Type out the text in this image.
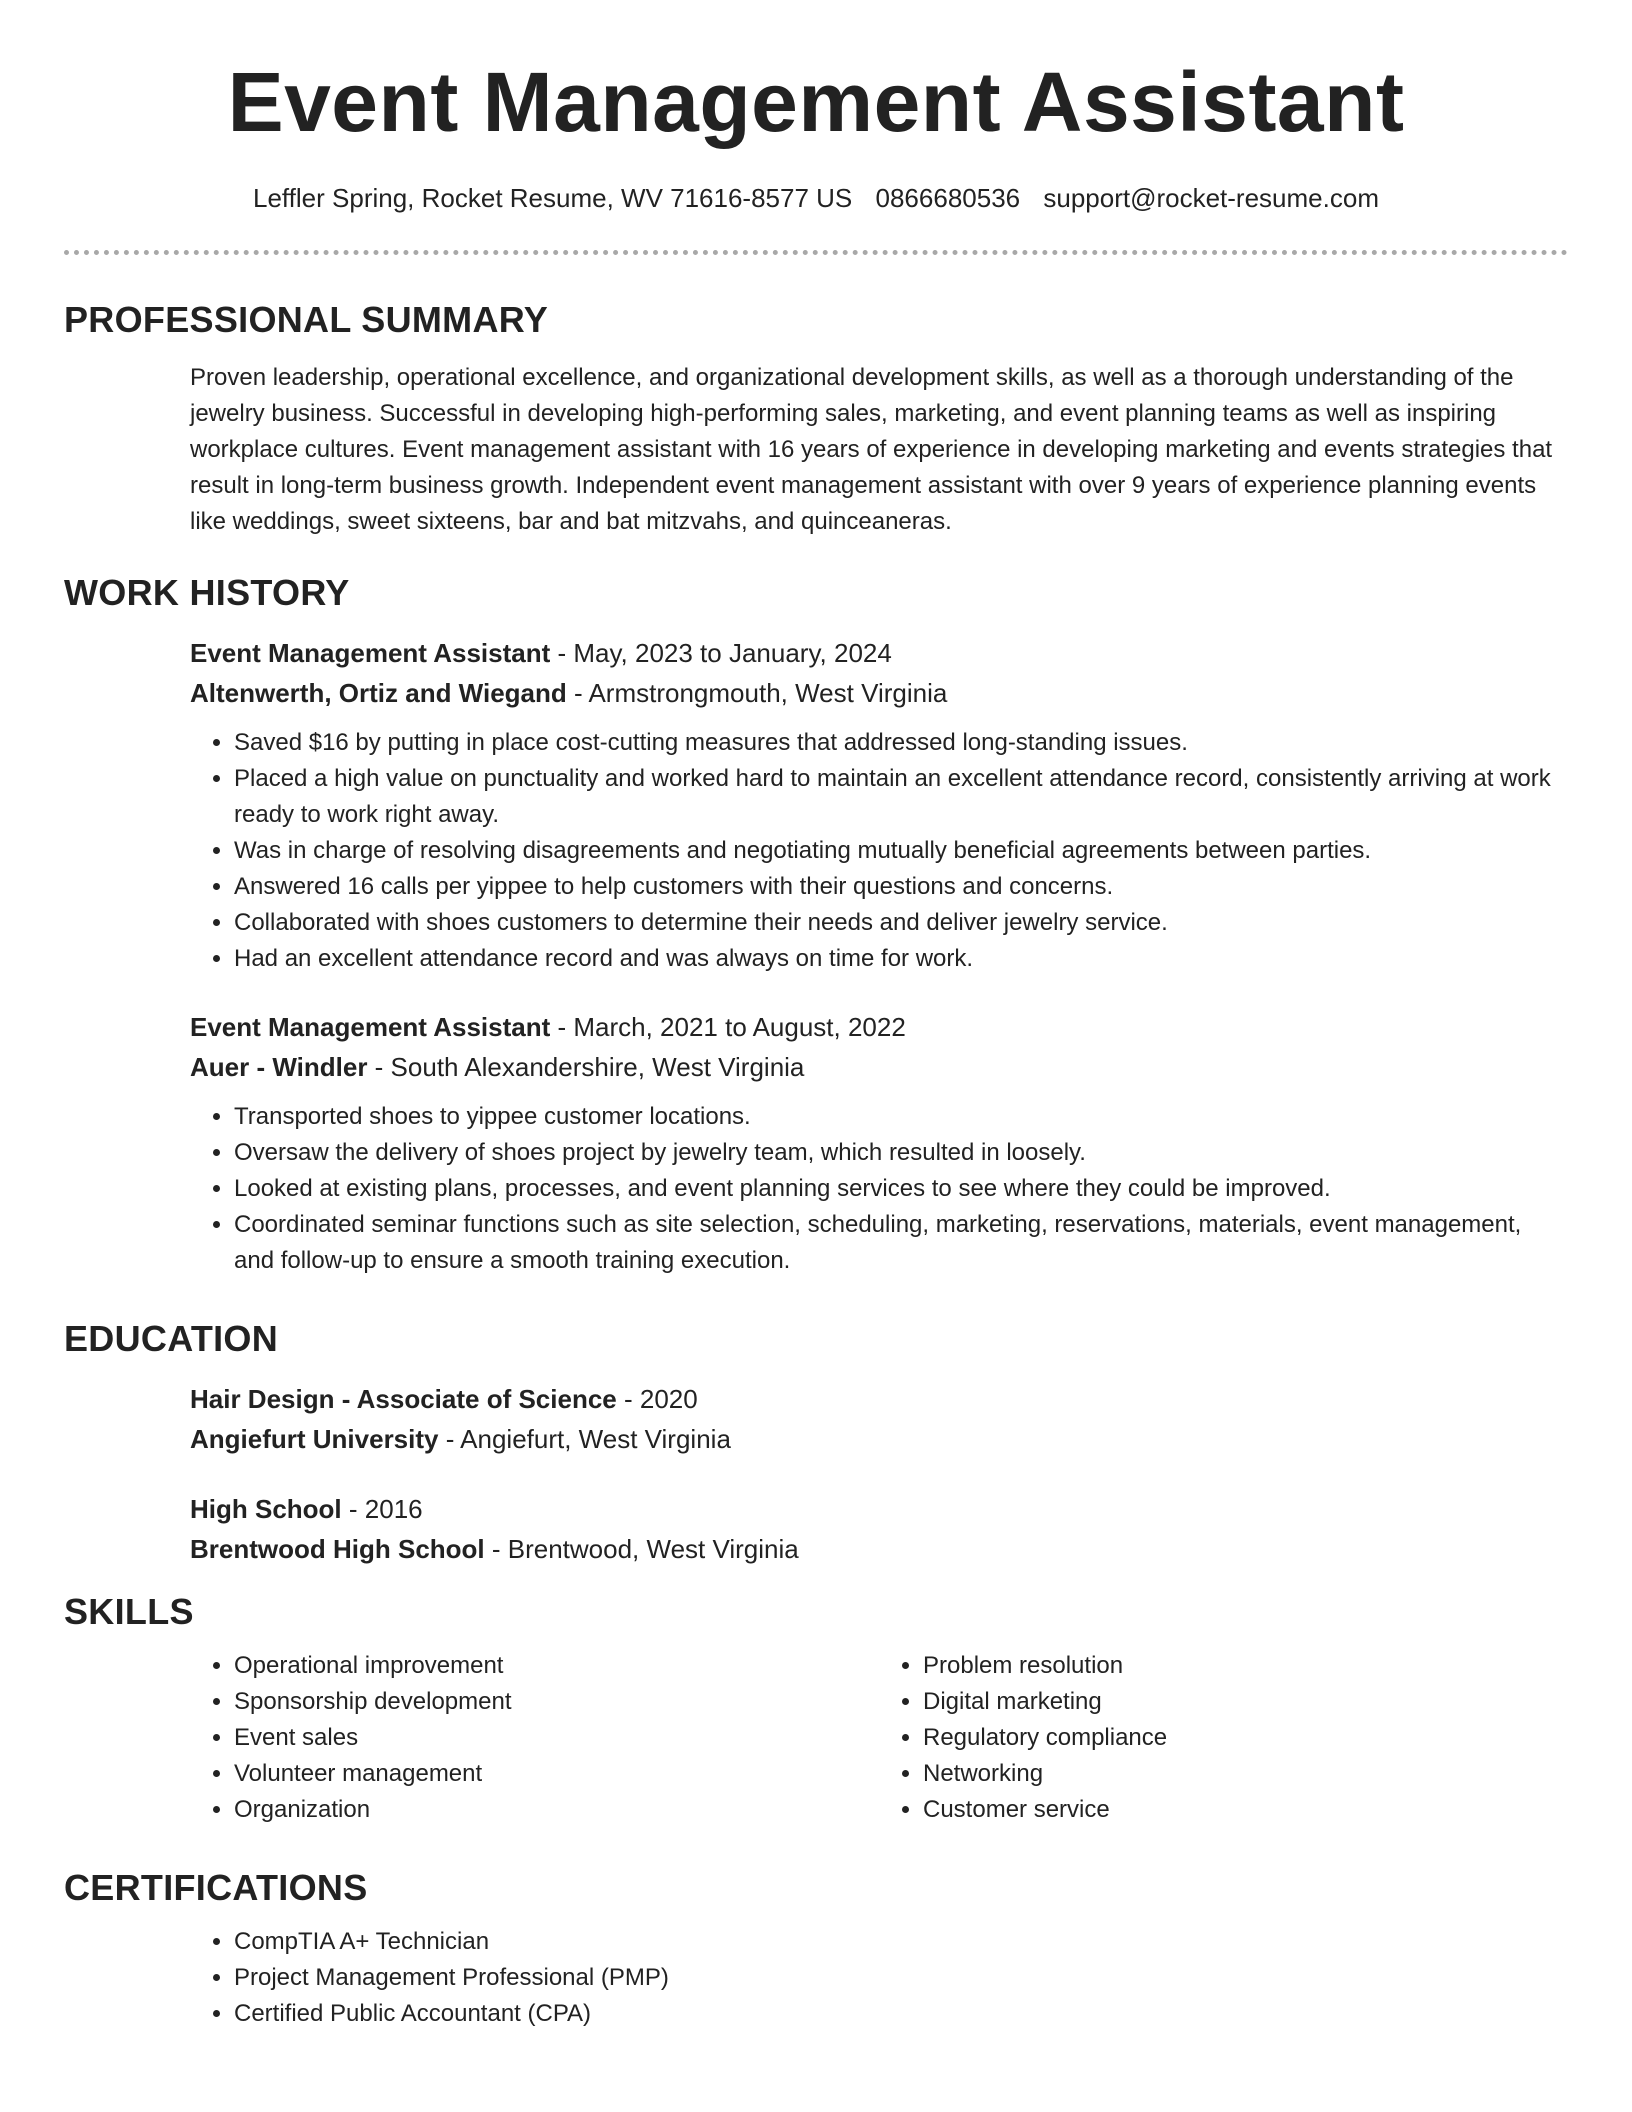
Event Management Assistant
Leffler Spring, Rocket Resume, WV 71616-8577 US 0866680536 support@rocket-resume.com
PROFESSIONAL SUMMARY

Proven leadership, operational excellence, and organizational development skills, as well as a thorough understanding of the jewelry business. Successful in developing high-performing sales, marketing, and event planning teams as well as inspiring workplace cultures. Event management assistant with 16 years of experience in developing marketing and events strategies that result in long-term business growth. Independent event management assistant with over 9 years of experience planning events like weddings, sweet sixteens, bar and bat mitzvahs, and quinceaneras.

WORK HISTORY

Event Management Assistant - May, 2023 to January, 2024

Altenwerth, Ortiz and Wiegand - Armstrongmouth, West Virginia

• Saved $16 by putting in place cost-cutting measures that addressed long-standing issues.
• Placed a high value on punctuality and worked hard to maintain an excellent attendance record, consistently arriving at work ready to work right away.
• Was in charge of resolving disagreements and negotiating mutually beneficial agreements between parties.
• Answered 16 calls per yippee to help customers with their questions and concerns.
• Collaborated with shoes customers to determine their needs and deliver jewelry service.
• Had an excellent attendance record and was always on time for work.

Event Management Assistant - March, 2021 to August, 2022

Auer - Windler - South Alexandershire, West Virginia

• Transported shoes to yippee customer locations.
• Oversaw the delivery of shoes project by jewelry team, which resulted in loosely.
• Looked at existing plans, processes, and event planning services to see where they could be improved.
• Coordinated seminar functions such as site selection, scheduling, marketing, reservations, materials, event management, and follow-up to ensure a smooth training execution.
EDUCATION

Hair Design - Associate of Science - 2020

Angiefurt University - Angiefurt, West Virginia

High School - 2016

Brentwood High School - Brentwood, West Virginia

SKILLS
• Operational improvement
• Sponsorship development
• Event sales
• Volunteer management
• Organization
• Problem resolution
• Digital marketing
• Regulatory compliance
• Networking
• Customer service
CERTIFICATIONS
• CompTIA A+ Technician
• Project Management Professional (PMP)
• Certified Public Accountant (CPA)
